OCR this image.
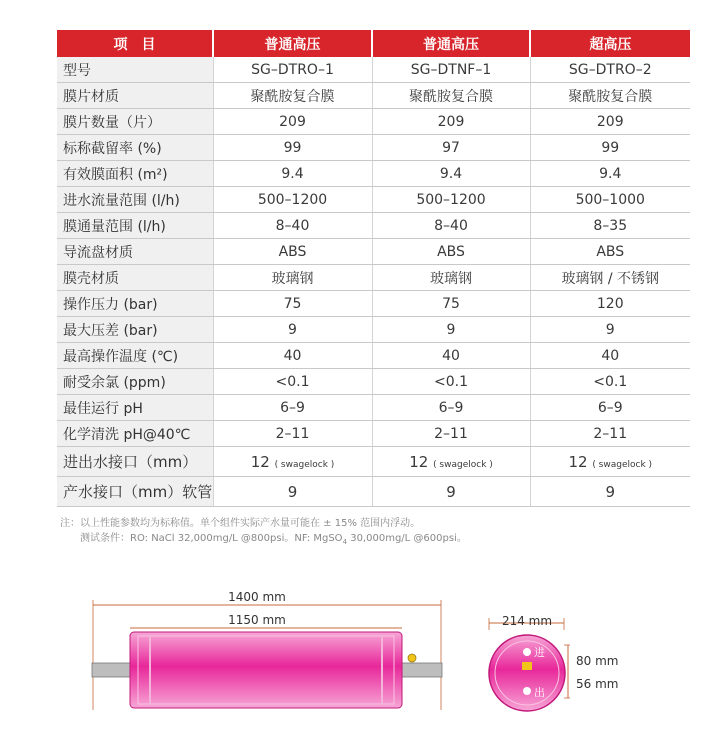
项　目	普通高压	普通高压	超高压
型号	SG–DTRO–1	SG–DTNF–1	SG–DTRO–2
膜片材质	聚酰胺复合膜	聚酰胺复合膜	聚酰胺复合膜
膜片数量（片）	209	209	209
标称截留率 (%)	99	97	99
有效膜面积 (m²)	9.4	9.4	9.4
进水流量范围 (l/h)	500–1200	500–1200	500–1000
膜通量范围 (l/h)	8–40	8–40	8–35
导流盘材质	ABS	ABS	ABS
膜壳材质	玻璃钢	玻璃钢	玻璃钢 / 不锈钢
操作压力 (bar)	75	75	120
最大压差 (bar)	9	9	9
最高操作温度 (℃)	40	40	40
耐受余氯 (ppm)	<0.1	<0.1	<0.1
最佳运行 pH	6–9	6–9	6–9
化学清洗 pH@40℃	2–11	2–11	2–11
进出水接口（mm）	12 ( swagelock )	12 ( swagelock )	12 ( swagelock )
产水接口（mm）软管	9	9	9
注：以上性能参数均为标称值。单个组件实际产水量可能在 ± 15% 范围内浮动。
测试条件：RO: NaCl 32,000mg/L @800psi。NF: MgSO$_4$ 30,000mg/L @600psi。
1400 mm
1150 mm	214 mm
进
出
80 mm
56 mm
